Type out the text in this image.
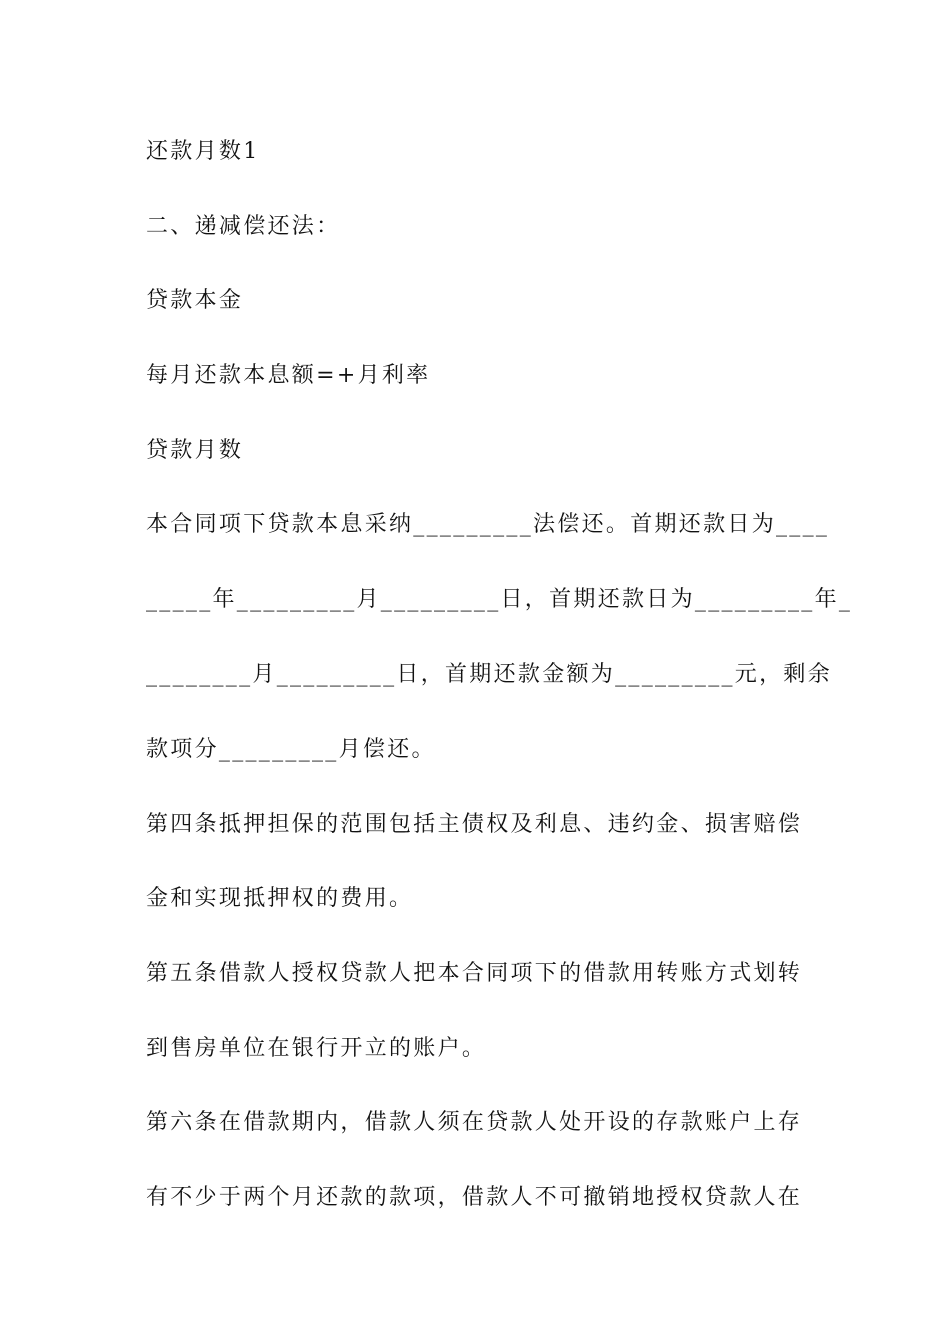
还款月数1
二、递减偿还法：
贷款本金
每月还款本息额=+月利率
贷款月数
本合同项下贷款本息采纳_________法偿还。首期还款日为____
_____年_________月_________日，首期还款日为_________年_
________月_________日，首期还款金额为_________元，剩余
款项分_________月偿还。
第四条抵押担保的范围包括主债权及利息、违约金、损害赔偿
金和实现抵押权的费用。
第五条借款人授权贷款人把本合同项下的借款用转账方式划转
到售房单位在银行开立的账户。
第六条在借款期内，借款人须在贷款人处开设的存款账户上存
有不少于两个月还款的款项，借款人不可撤销地授权贷款人在
